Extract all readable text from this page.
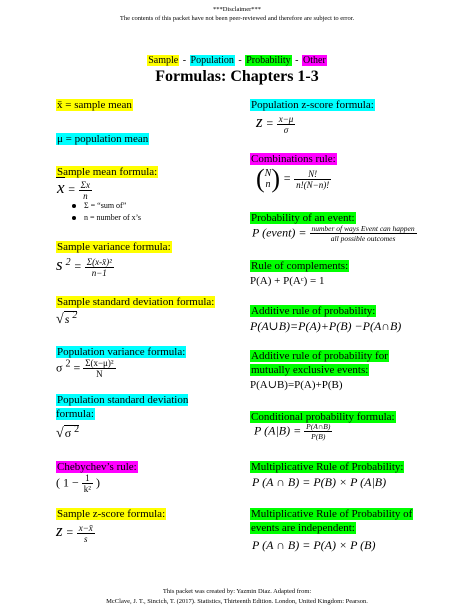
***Disclaimer***
The contents of this packet have not been peer-reviewed and therefore are subject to error.
Sample - Population - Probability - Other
Formulas: Chapters 1-3
x̄ = sample mean
μ = population mean
Sample mean formula:
$x = \frac{\Sigma x}{n}$
Σ = “sum of”
n = number of x’s
Sample variance formula:
s $^2 = \frac{\text{Σ(x-x̄)²}}{n-1}$
Sample standard deviation formula:
√s $^2$
Population variance formula:
σ $^2 = \frac{\text{Σ(x−μ)²}}{N}$
Population standard deviation formula:
√σ $^2$
Chebychev’s rule:
( $1 - \frac{1}{\text{k²}}$ )
Sample z-score formula:
$z = \frac{x-x̄}{s}$
Population z-score formula:
$z = \frac{x-\mu}{\sigma}$
Combinations rule:
(N
$n) = \frac{N!}{n!(N-n)!}$
Probability of an event:
P (event) = $\frac{\text{number of ways Event can happen}}{\text{all possible outcomes}}$
Rule of complements:
P(A) + P(Aᶜ) = 1
Additive rule of probability:
P(A∪B)=P(A)+P(B) −P(A∩B)
Additive rule of probability for
mutually exclusive events:
P(A∪B)=P(A)+P(B)
Conditional probability formula:
P $(A|B) = \frac{P(A\cap B)}{P(B)}$
Multiplicative Rule of Probability:
P (A ∩ B) = P(B) × P (A|B)
Multiplicative Rule of Probability of
events are independent:
P (A ∩ B) = P(A) × P (B)
This packet was created by: Yazmin Diaz. Adapted from:
McClave, J. T., Sincich, T. (2017). Statistics, Thirteenth Edition. London, United Kingdom: Pearson.
